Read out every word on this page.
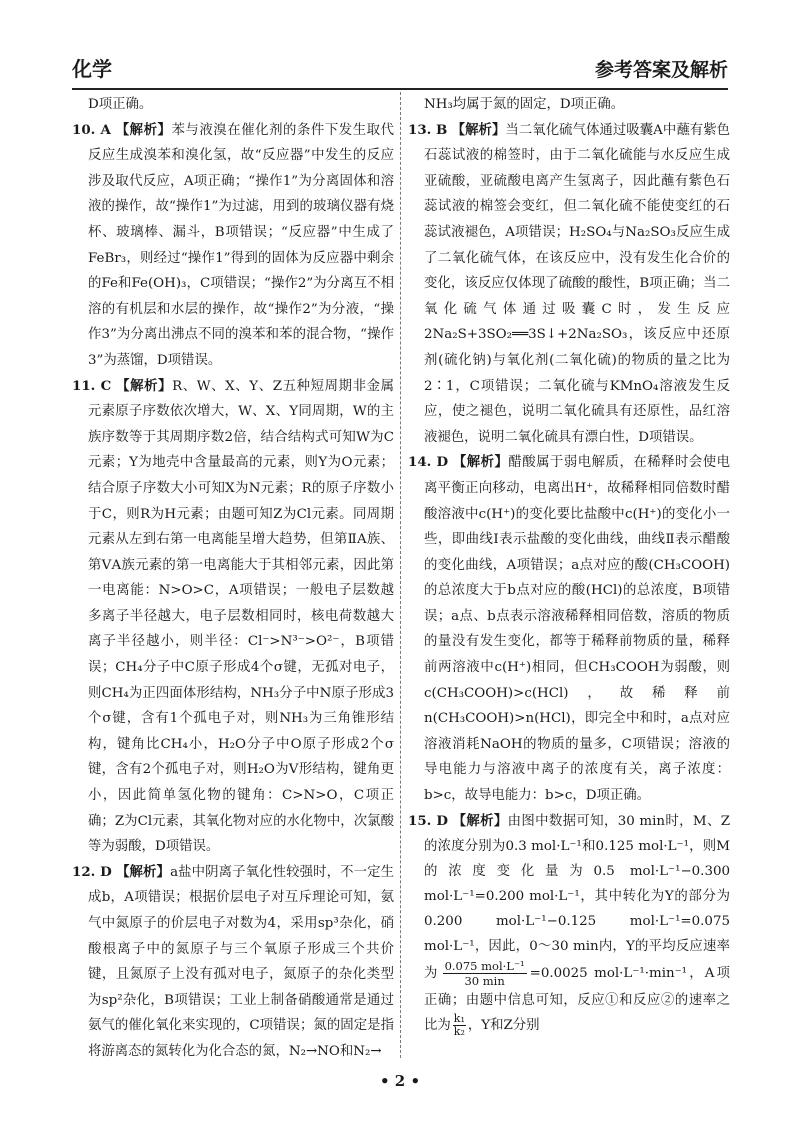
化学	参考答案及解析

D项正确。

10. A 【解析】苯与液溴在催化剂的条件下发生取代反应生成溴苯和溴化氢，故“反应器”中发生的反应涉及取代反应，A项正确；“操作1”为分离固体和溶液的操作，故“操作1”为过滤，用到的玻璃仪器有烧杯、玻璃棒、漏斗，B项错误；“反应器”中生成了FeBr₃，则经过“操作1”得到的固体为反应器中剩余的Fe和Fe(OH)₃，C项错误；“操作2”为分离互不相溶的有机层和水层的操作，故“操作2”为分液，“操作3”为分离出沸点不同的溴苯和苯的混合物，“操作3”为蒸馏，D项错误。

11. C 【解析】R、W、X、Y、Z五种短周期非金属元素原子序数依次增大，W、X、Y同周期，W的主族序数等于其周期序数2倍，结合结构式可知W为C元素；Y为地壳中含量最高的元素，则Y为O元素；结合原子序数大小可知X为N元素；R的原子序数小于C，则R为H元素；由题可知Z为Cl元素。同周期元素从左到右第一电离能呈增大趋势，但第ⅡA族、第ⅤA族元素的第一电离能大于其相邻元素，因此第一电离能：N>O>C，A项错误；一般电子层数越多离子半径越大，电子层数相同时，核电荷数越大离子半径越小，则半径：Cl⁻>N³⁻>O²⁻，B项错误；CH₄分子中C原子形成4个σ键，无孤对电子，则CH₄为正四面体形结构，NH₃分子中N原子形成3个σ键，含有1个孤电子对，则NH₃为三角锥形结构，键角比CH₄小，H₂O分子中O原子形成2个σ键，含有2个孤电子对，则H₂O为V形结构，键角更小，因此简单氢化物的键角：C>N>O，C项正确；Z为Cl元素，其氧化物对应的水化物中，次氯酸等为弱酸，D项错误。

12. D 【解析】a盐中阴离子氧化性较强时，不一定生成b，A项错误；根据价层电子对互斥理论可知，氨气中氮原子的价层电子对数为4，采用sp³杂化，硝酸根离子中的氮原子与三个氧原子形成三个共价键，且氮原子上没有孤对电子，氮原子的杂化类型为sp²杂化，B项错误；工业上制备硝酸通常是通过氨气的催化氧化来实现的，C项错误；氮的固定是指将游离态的氮转化为化合态的氮，N₂→NO和N₂→

NH₃均属于氮的固定，D项正确。

13. B 【解析】当二氧化硫气体通过吸囊A中蘸有紫色石蕊试液的棉签时，由于二氧化硫能与水反应生成亚硫酸，亚硫酸电离产生氢离子，因此蘸有紫色石蕊试液的棉签会变红，但二氧化硫不能使变红的石蕊试液褪色，A项错误；H₂SO₄与Na₂SO₃反应生成了二氧化硫气体，在该反应中，没有发生化合价的变化，该反应仅体现了硫酸的酸性，B项正确；当二氧化硫气体通过吸囊C时，发生反应2Na₂S+3SO₂══3S↓+2Na₂SO₃，该反应中还原剂(硫化钠)与氧化剂(二氧化硫)的物质的量之比为2∶1，C项错误；二氧化硫与KMnO₄溶液发生反应，使之褪色，说明二氧化硫具有还原性，品红溶液褪色，说明二氧化硫具有漂白性，D项错误。

14. D 【解析】醋酸属于弱电解质，在稀释时会使电离平衡正向移动，电离出H⁺，故稀释相同倍数时醋酸溶液中c(H⁺)的变化要比盐酸中c(H⁺)的变化小一些，即曲线Ⅰ表示盐酸的变化曲线，曲线Ⅱ表示醋酸的变化曲线，A项错误；a点对应的酸(CH₃COOH)的总浓度大于b点对应的酸(HCl)的总浓度，B项错误；a点、b点表示溶液稀释相同倍数，溶质的物质的量没有发生变化，都等于稀释前物质的量，稀释前两溶液中c(H⁺)相同，但CH₃COOH为弱酸，则c(CH₃COOH)>c(HCl)，故稀释前n(CH₃COOH)>n(HCl)，即完全中和时，a点对应溶液消耗NaOH的物质的量多，C项错误；溶液的导电能力与溶液中离子的浓度有关，离子浓度：b>c，故导电能力：b>c，D项正确。

15. D 【解析】由图中数据可知，30 min时，M、Z的浓度分别为0.3 mol·L⁻¹和0.125 mol·L⁻¹，则M的浓度变化量为0.5 mol·L⁻¹−0.300 mol·L⁻¹=0.200 mol·L⁻¹，其中转化为Y的部分为0.200 mol·L⁻¹−0.125 mol·L⁻¹=0.075 mol·L⁻¹，因此，0～30 min内，Y的平均反应速率为 0.075 mol·L⁻¹
30 min =0.0025 mol·L⁻¹·min⁻¹，A项正确；由题中信息可知，反应①和反应②的速率之比为 $\frac{\text{k₁}}{\text{k₂}}$ ，Y和Z分别

• 2 •
